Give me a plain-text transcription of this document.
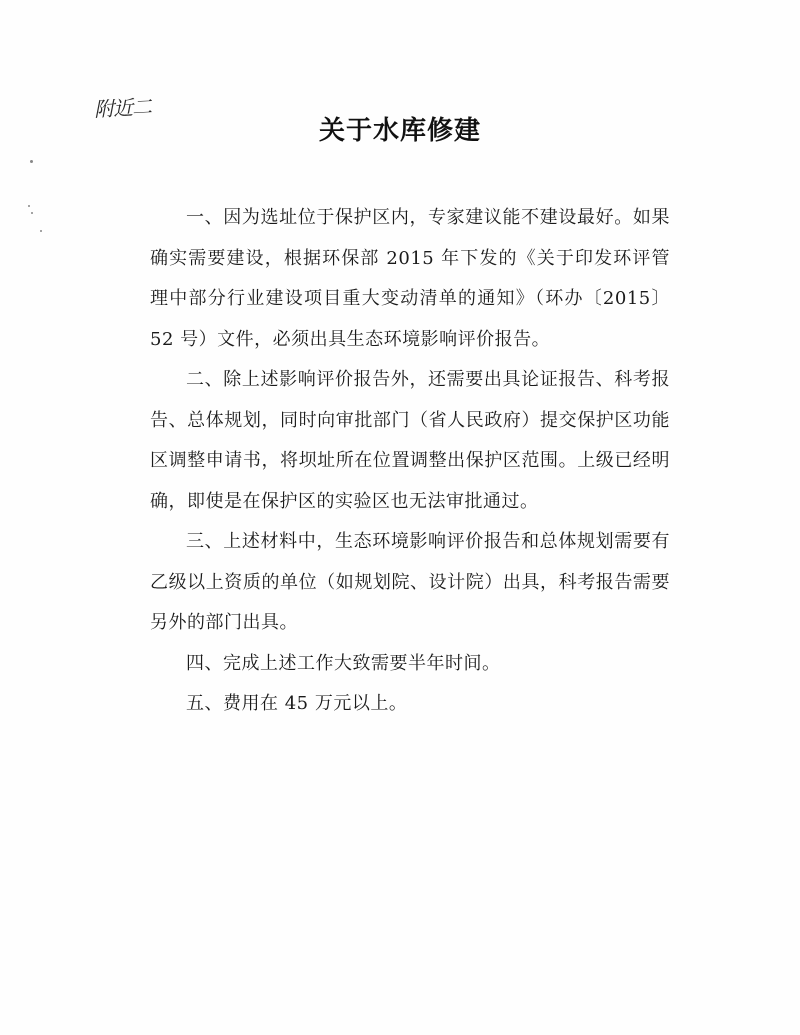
附近二
关于水库修建

一、因为选址位于保护区内，专家建议能不建设最好。如果确实需要建设，根据环保部 2015 年下发的《关于印发环评管理中部分行业建设项目重大变动清单的通知》（环办〔2015〕52 号）文件，必须出具生态环境影响评价报告。

二、除上述影响评价报告外，还需要出具论证报告、科考报告、总体规划，同时向审批部门（省人民政府）提交保护区功能区调整申请书，将坝址所在位置调整出保护区范围。上级已经明确，即使是在保护区的实验区也无法审批通过。

三、上述材料中，生态环境影响评价报告和总体规划需要有乙级以上资质的单位（如规划院、设计院）出具，科考报告需要另外的部门出具。

四、完成上述工作大致需要半年时间。

五、费用在 45 万元以上。
